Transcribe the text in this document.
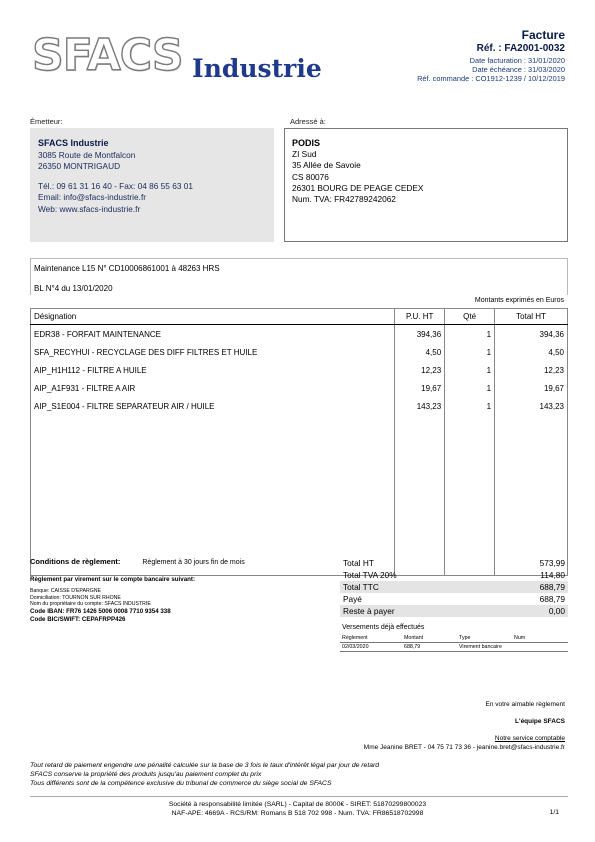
SFACS Industrie
Facture
Réf. : FA2001-0032
Date facturation : 31/01/2020
Date échéance : 31/03/2020
Réf. commande : CO1912-1239 / 10/12/2019
Émetteur:	Adressé à:
SFACS Industrie
3085 Route de Montfalcon
26350 MONTRIGAUD
Tél.: 09 61 31 16 40 - Fax: 04 86 55 63 01
Email: info@sfacs-industrie.fr
Web: www.sfacs-industrie.fr
PODIS
ZI Sud
35 Allée de Savoie
CS 80076
26301 BOURG DE PEAGE CEDEX
Num. TVA: FR42789242062
Maintenance L15 N° CD10006861001 à 48263 HRS
BL N°4 du 13/01/2020
Montants exprimés en Euros
Désignation	P.U. HT	Qté	Total HT
EDR38 - FORFAIT MAINTENANCE	394,36	1	394,36
SFA_RECYHUI - RECYCLAGE DES DIFF FILTRES ET HUILE	4,50	1	4,50
AIP_H1H112 - FILTRE A HUILE	12,23	1	12,23
AIP_A1F931 - FILTRE A AIR	19,67	1	19,67
AIP_S1E004 - FILTRE SEPARATEUR AIR / HUILE	143,23	1	143,23

Conditions de règlement:	Règlement à 30 jours fin de mois
Règlement par virement sur le compte bancaire suivant:
Banque: CAISSE D'EPARGNE
Domiciliation: TOURNON SUR RHONE
Nom du propriétaire du compte: SFACS INDUSTRIE
Code IBAN: FR76 1426 5006 0008 7710 9354 338
Code BIC/SWIFT: CEPAFRPP426
Total HT	573,99
Total TVA 20%	114,80
Total TTC	688,79
Payé	688,79
Reste à payer	0,00
Versements déjà effectués
Règlement	Montant	Type	Num
02/03/2020	688,79	Virement bancaire	
En votre aimable règlement
L'équipe SFACS
Notre service comptable
Mme Jeanine BRET - 04 75 71 73 36 - jeanine.bret@sfacs-industrie.fr
Tout retard de paiement engendre une pénalité calculée sur la base de 3 fois le taux d'intérêt légal par jour de retard
SFACS conserve la propriété des produits jusqu'au paiement complet du prix
Tous différents sont de la compétence exclusive du tribunal de commerce du siège social de SFACS
Société à responsabilité limitée (SARL) - Capital de 8000€ - SIRET: 51870299800023
NAF-APE: 4669A - RCS/RM: Romans B 518 702 998 - Num. TVA: FR86518702998	1/1
